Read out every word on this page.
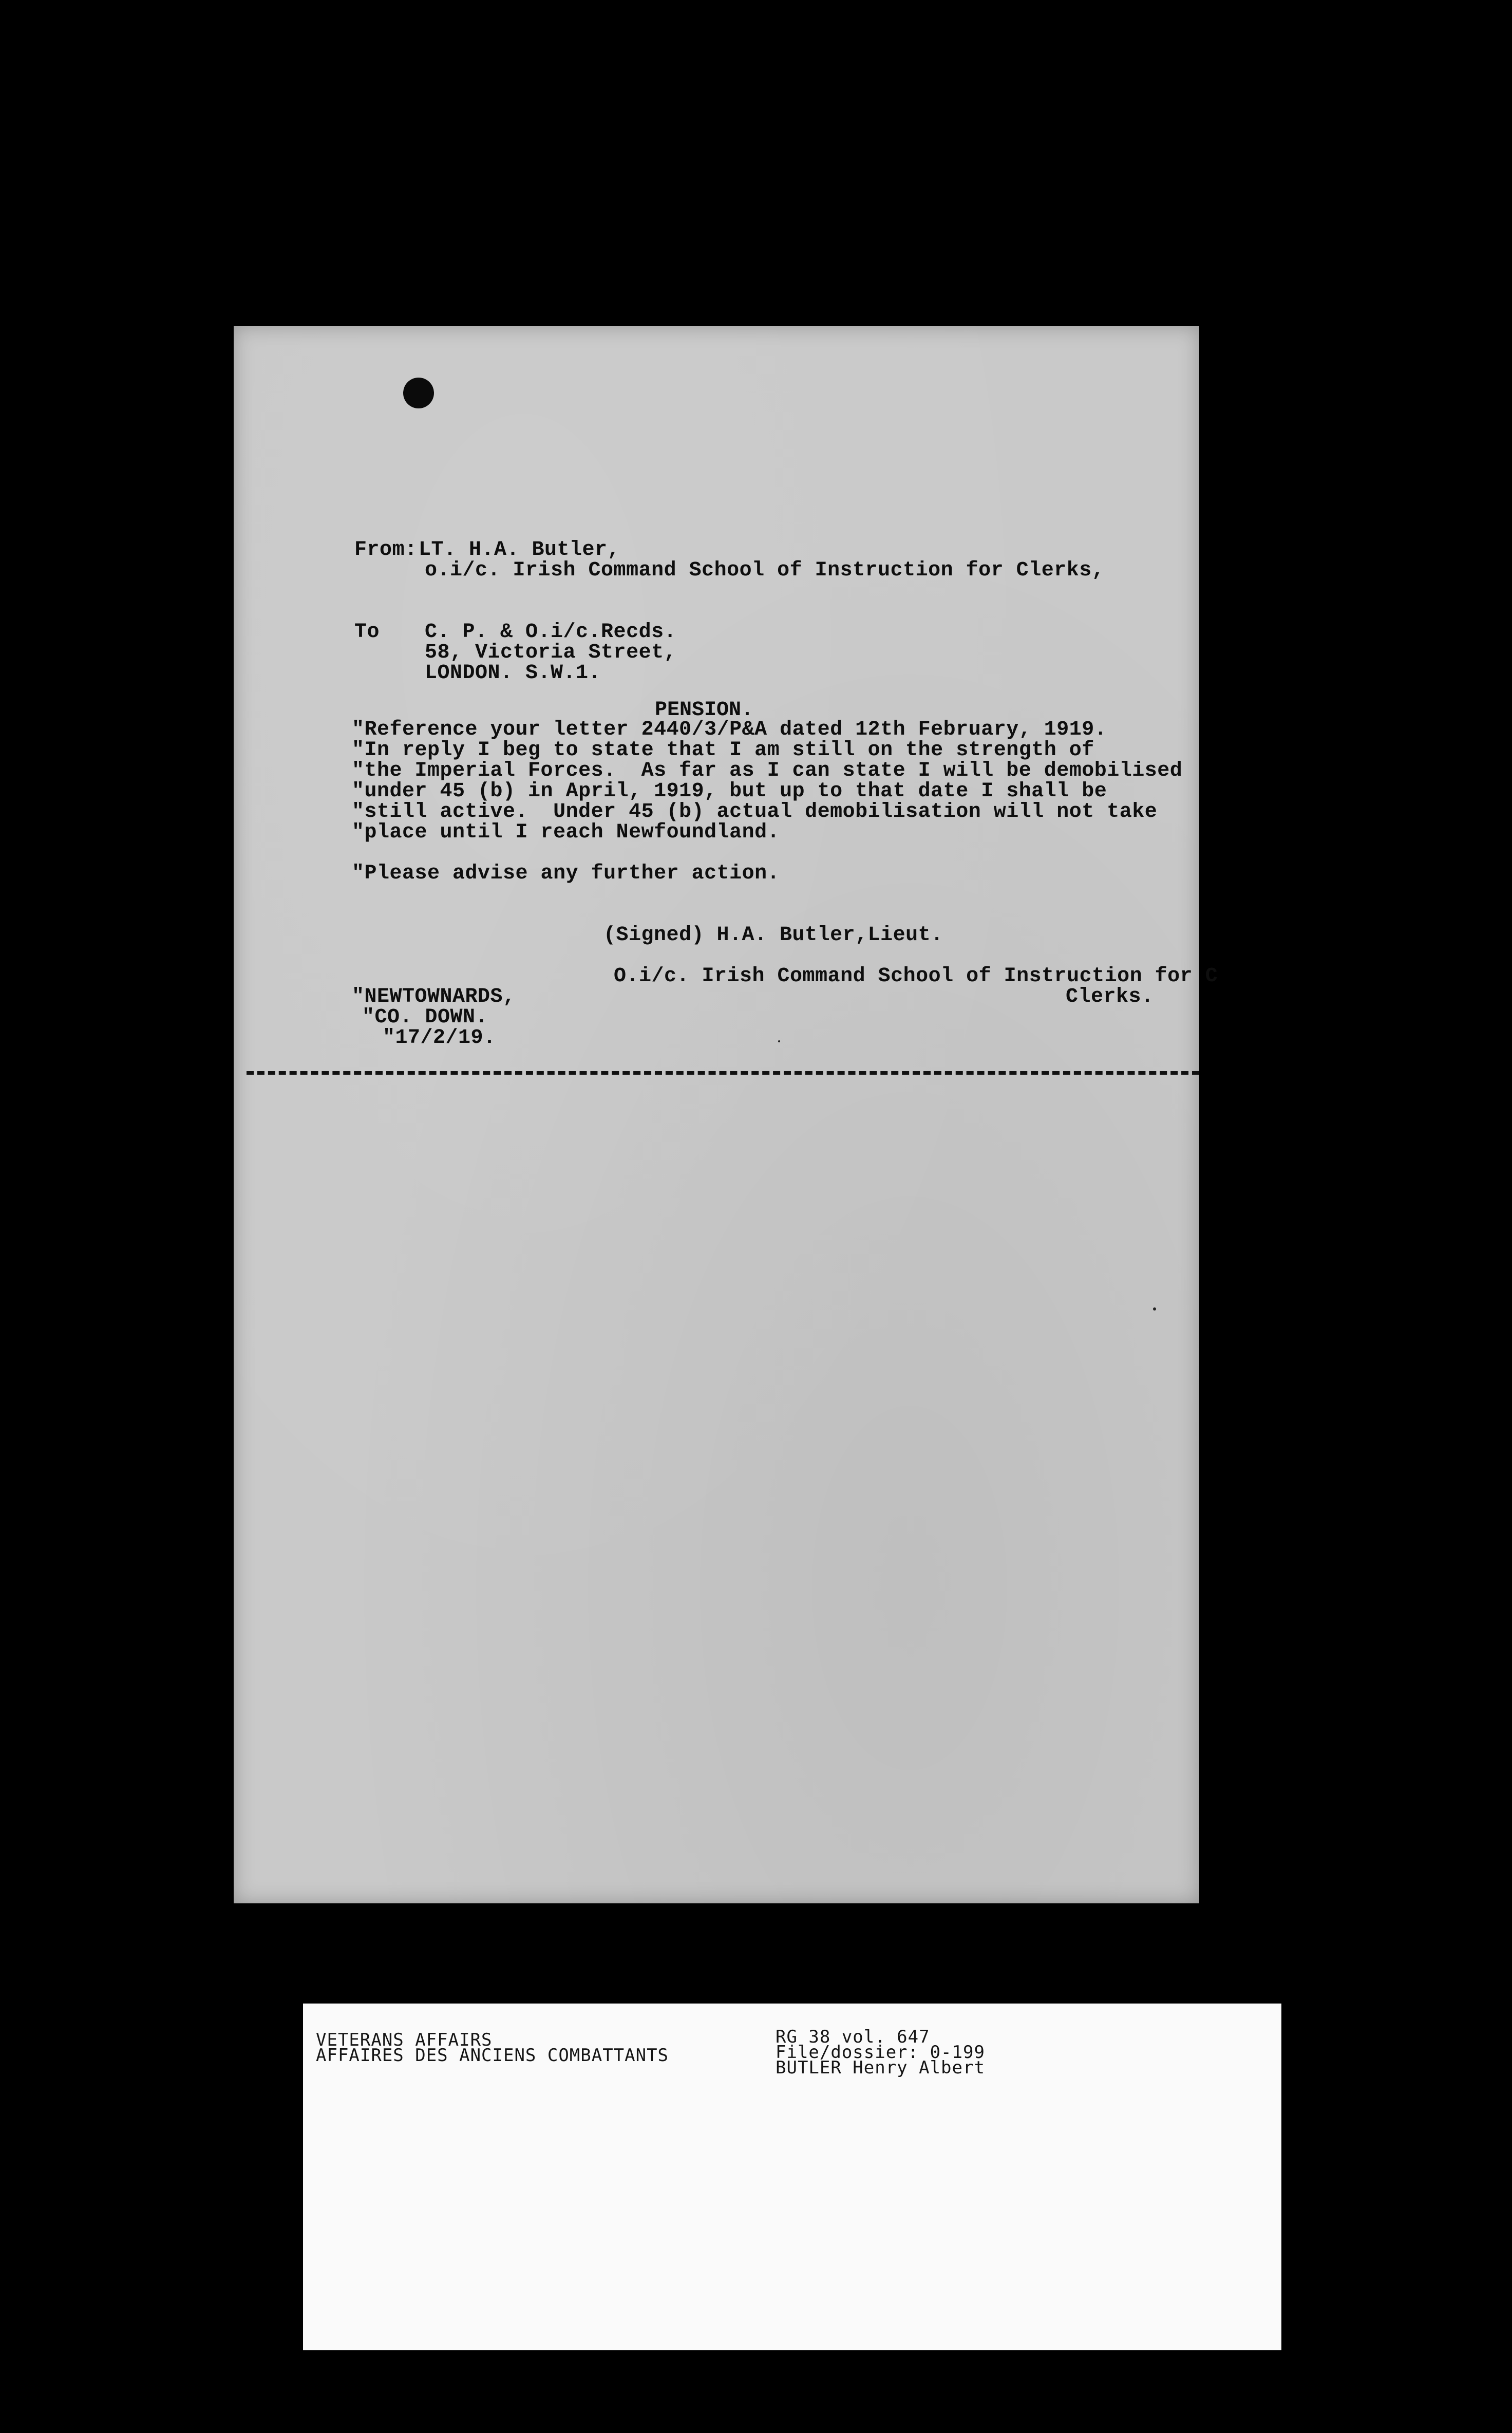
From: LT. H.A. Butler,
o.i/c. Irish Command School of Instruction for Clerks,
To C. P. & O.i/c.Recds.
58, Victoria Street,
LONDON. S.W.1.
PENSION.
"Reference your letter 2440/3/P&A dated 12th February, 1919.
"In reply I beg to state that I am still on the strength of
"the Imperial Forces.  As far as I can state I will be demobilised
"under 45 (b) in April, 1919, but up to that date I shall be
"still active.  Under 45 (b) actual demobilisation will not take
"place until I reach Newfoundland.
"Please advise any further action.
(Signed) H.A. Butler,Lieut.
O.i/c. Irish Command School of Instruction for C
Clerks.
"NEWTOWNARDS,
"CO. DOWN.
"17/2/19.
VETERANS AFFAIRS
AFFAIRES DES ANCIENS COMBATTANTS
RG 38 vol. 647
File/dossier: 0-199
BUTLER Henry Albert
